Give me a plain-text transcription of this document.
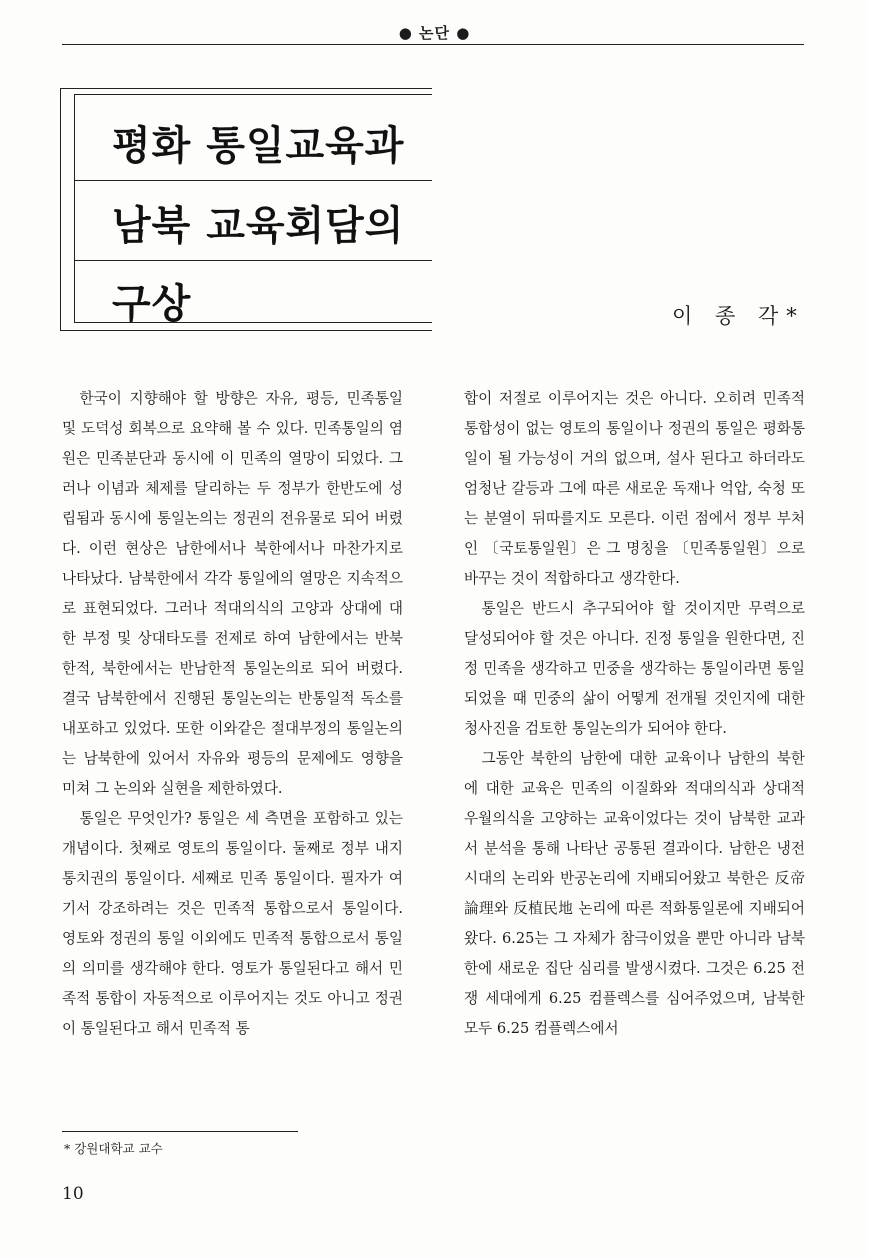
● 논단 ●
평화 통일교육과
남북 교육회담의
구상	이 종 각*

한국이 지향해야 할 방향은 자유, 평등, 민족통일 및 도덕성 회복으로 요약해 볼 수 있다. 민족통일의 염원은 민족분단과 동시에 이 민족의 열망이 되었다. 그러나 이념과 체제를 달리하는 두 정부가 한반도에 성립됨과 동시에 통일논의는 정권의 전유물로 되어 버렸다. 이런 현상은 남한에서나 북한에서나 마찬가지로 나타났다. 남북한에서 각각 통일에의 열망은 지속적으로 표현되었다. 그러나 적대의식의 고양과 상대에 대한 부정 및 상대타도를 전제로 하여 남한에서는 반북한적, 북한에서는 반남한적 통일논의로 되어 버렸다. 결국 남북한에서 진행된 통일논의는 반통일적 독소를 내포하고 있었다. 또한 이와같은 절대부정의 통일논의는 남북한에 있어서 자유와 평등의 문제에도 영향을 미쳐 그 논의와 실현을 제한하였다.

통일은 무엇인가? 통일은 세 측면을 포함하고 있는 개념이다. 첫째로 영토의 통일이다. 둘째로 정부 내지 통치권의 통일이다. 세째로 민족 통일이다. 필자가 여기서 강조하려는 것은 민족적 통합으로서 통일이다. 영토와 정권의 통일 이외에도 민족적 통합으로서 통일의 의미를 생각해야 한다. 영토가 통일된다고 해서 민족적 통합이 자동적으로 이루어지는 것도 아니고 정권이 통일된다고 해서 민족적 통

합이 저절로 이루어지는 것은 아니다. 오히려 민족적 통합성이 없는 영토의 통일이나 정권의 통일은 평화통일이 될 가능성이 거의 없으며, 설사 된다고 하더라도 엄청난 갈등과 그에 따른 새로운 독재나 억압, 숙청 또는 분열이 뒤따를지도 모른다. 이런 점에서 정부 부처인 〔국토통일원〕은 그 명칭을 〔민족통일원〕으로 바꾸는 것이 적합하다고 생각한다.

통일은 반드시 추구되어야 할 것이지만 무력으로 달성되어야 할 것은 아니다. 진정 통일을 원한다면, 진정 민족을 생각하고 민중을 생각하는 통일이라면 통일되었을 때 민중의 삶이 어떻게 전개될 것인지에 대한 청사진을 검토한 통일논의가 되어야 한다.

그동안 북한의 남한에 대한 교육이나 남한의 북한에 대한 교육은 민족의 이질화와 적대의식과 상대적 우월의식을 고양하는 교육이었다는 것이 남북한 교과서 분석을 통해 나타난 공통된 결과이다. 남한은 냉전시대의 논리와 반공논리에 지배되어왔고 북한은 反帝論理와 反植民地 논리에 따른 적화통일론에 지배되어 왔다. 6.25는 그 자체가 참극이었을 뿐만 아니라 남북한에 새로운 집단 심리를 발생시켰다. 그것은 6.25 전쟁 세대에게 6.25 컴플렉스를 심어주었으며, 남북한 모두 6.25 컴플렉스에서

* 강원대학교 교수
10
